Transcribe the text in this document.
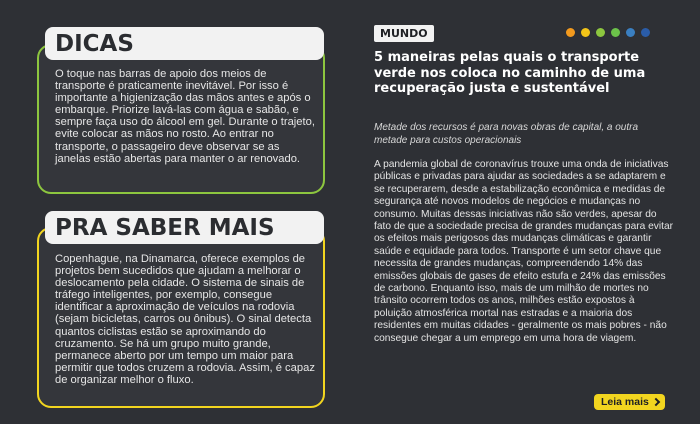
DICAS
O toque nas barras de apoio dos meios de transporte é praticamente inevitável. Por isso é importante a higienização das mãos antes e após o embarque. Priorize lavá-las com água e sabão, e sempre faça uso do álcool em gel. Durante o trajeto, evite colocar as mãos no rosto. Ao entrar no transporte, o passageiro deve observar se as janelas estão abertas para manter o ar renovado.
PRA SABER MAIS
Copenhague, na Dinamarca, oferece exemplos de projetos bem sucedidos que ajudam a melhorar o deslocamento pela cidade. O sistema de sinais de tráfego inteligentes, por exemplo, consegue identificar a aproximação de veículos na rodovia (sejam bicicletas, carros ou ônibus). O sinal detecta quantos ciclistas estão se aproximando do cruzamento. Se há um grupo muito grande, permanece aberto por um tempo um maior para permitir que todos cruzem a rodovia. Assim, é capaz de organizar melhor o fluxo.
MUNDO
5 maneiras pelas quais o transporte verde nos coloca no caminho de uma recuperação justa e sustentável
Metade dos recursos é para novas obras de capital, a outra metade para custos operacionais
A pandemia global de coronavírus trouxe uma onda de iniciativas públicas e privadas para ajudar as sociedades a se adaptarem e se recuperarem, desde a estabilização econômica e medidas de segurança até novos modelos de negócios e mudanças no consumo. Muitas dessas iniciativas não são verdes, apesar do fato de que a sociedade precisa de grandes mudanças para evitar os efeitos mais perigosos das mudanças climáticas e garantir saúde e equidade para todos. Transporte é um setor chave que necessita de grandes mudanças, compreendendo 14% das emissões globais de gases de efeito estufa e 24% das emissões de carbono. Enquanto isso, mais de um milhão de mortes no trânsito ocorrem todos os anos, milhões estão expostos à poluição atmosférica mortal nas estradas e a maioria dos residentes em muitas cidades - geralmente os mais pobres - não consegue chegar a um emprego em uma hora de viagem.
Leia mais
